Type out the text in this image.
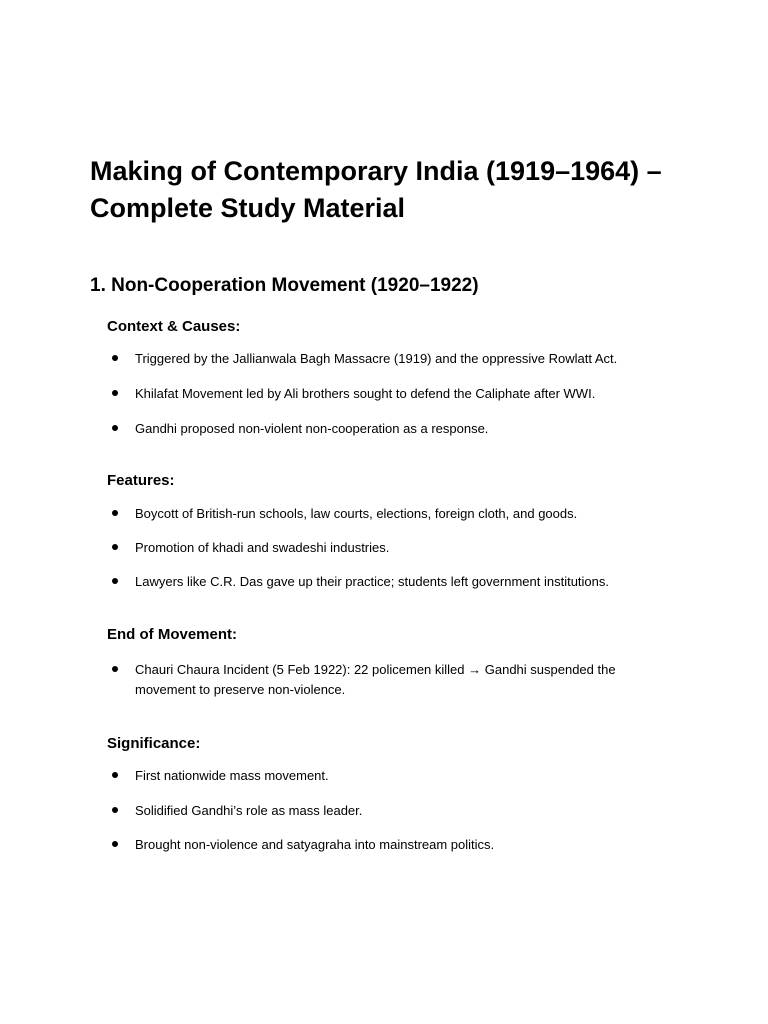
Making of Contemporary India (1919–1964) – Complete Study Material
1. Non-Cooperation Movement (1920–1922)
Context & Causes:
Triggered by the Jallianwala Bagh Massacre (1919) and the oppressive Rowlatt Act.
Khilafat Movement led by Ali brothers sought to defend the Caliphate after WWI.
Gandhi proposed non-violent non-cooperation as a response.
Features:
Boycott of British-run schools, law courts, elections, foreign cloth, and goods.
Promotion of khadi and swadeshi industries.
Lawyers like C.R. Das gave up their practice; students left government institutions.
End of Movement:
Chauri Chaura Incident (5 Feb 1922): 22 policemen killed → Gandhi suspended the movement to preserve non-violence.
Significance:
First nationwide mass movement.
Solidified Gandhi’s role as mass leader.
Brought non-violence and satyagraha into mainstream politics.
